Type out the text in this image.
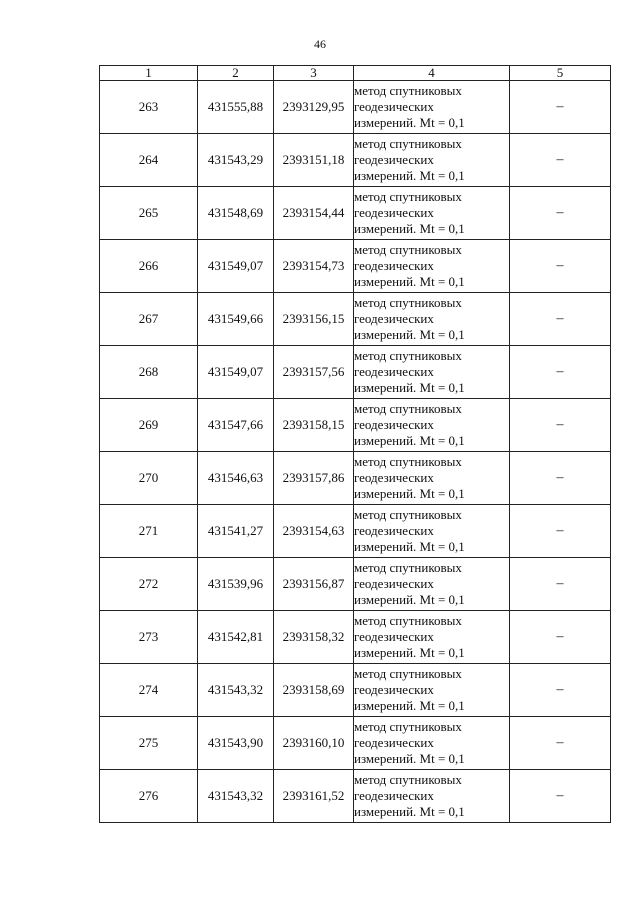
46
1	2	3	4	5
263	431555,88	2393129,95	метод спутниковых
геодезических
измерений. Mt = 0,1	–
264	431543,29	2393151,18	метод спутниковых
геодезических
измерений. Mt = 0,1	–
265	431548,69	2393154,44	метод спутниковых
геодезических
измерений. Mt = 0,1	–
266	431549,07	2393154,73	метод спутниковых
геодезических
измерений. Mt = 0,1	–
267	431549,66	2393156,15	метод спутниковых
геодезических
измерений. Mt = 0,1	–
268	431549,07	2393157,56	метод спутниковых
геодезических
измерений. Mt = 0,1	–
269	431547,66	2393158,15	метод спутниковых
геодезических
измерений. Mt = 0,1	–
270	431546,63	2393157,86	метод спутниковых
геодезических
измерений. Mt = 0,1	–
271	431541,27	2393154,63	метод спутниковых
геодезических
измерений. Mt = 0,1	–
272	431539,96	2393156,87	метод спутниковых
геодезических
измерений. Mt = 0,1	–
273	431542,81	2393158,32	метод спутниковых
геодезических
измерений. Mt = 0,1	–
274	431543,32	2393158,69	метод спутниковых
геодезических
измерений. Mt = 0,1	–
275	431543,90	2393160,10	метод спутниковых
геодезических
измерений. Mt = 0,1	–
276	431543,32	2393161,52	метод спутниковых
геодезических
измерений. Mt = 0,1	–
